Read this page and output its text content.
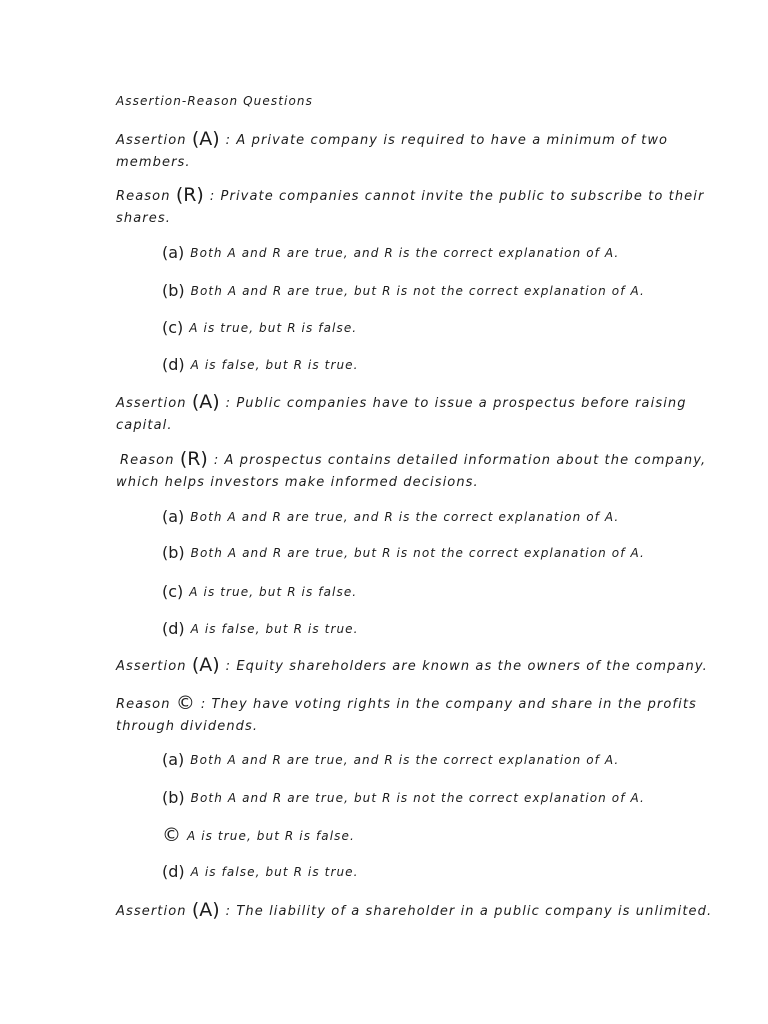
Assertion-Reason Questions
Assertion (A) : A private company is required to have a minimum of two
members.
Reason (R) : Private companies cannot invite the public to subscribe to their
shares.
(a) Both A and R are true, and R is the correct explanation of A.
(b) Both A and R are true, but R is not the correct explanation of A.
(c) A is true, but R is false.
(d) A is false, but R is true.
Assertion (A) : Public companies have to issue a prospectus before raising
capital.
Reason (R) : A prospectus contains detailed information about the company,
which helps investors make informed decisions.
(a) Both A and R are true, and R is the correct explanation of A.
(b) Both A and R are true, but R is not the correct explanation of A.
(c) A is true, but R is false.
(d) A is false, but R is true.
Assertion (A) : Equity shareholders are known as the owners of the company.
Reason © : They have voting rights in the company and share in the profits
through dividends.
(a) Both A and R are true, and R is the correct explanation of A.
(b) Both A and R are true, but R is not the correct explanation of A.
© A is true, but R is false.
(d) A is false, but R is true.
Assertion (A) : The liability of a shareholder in a public company is unlimited.
